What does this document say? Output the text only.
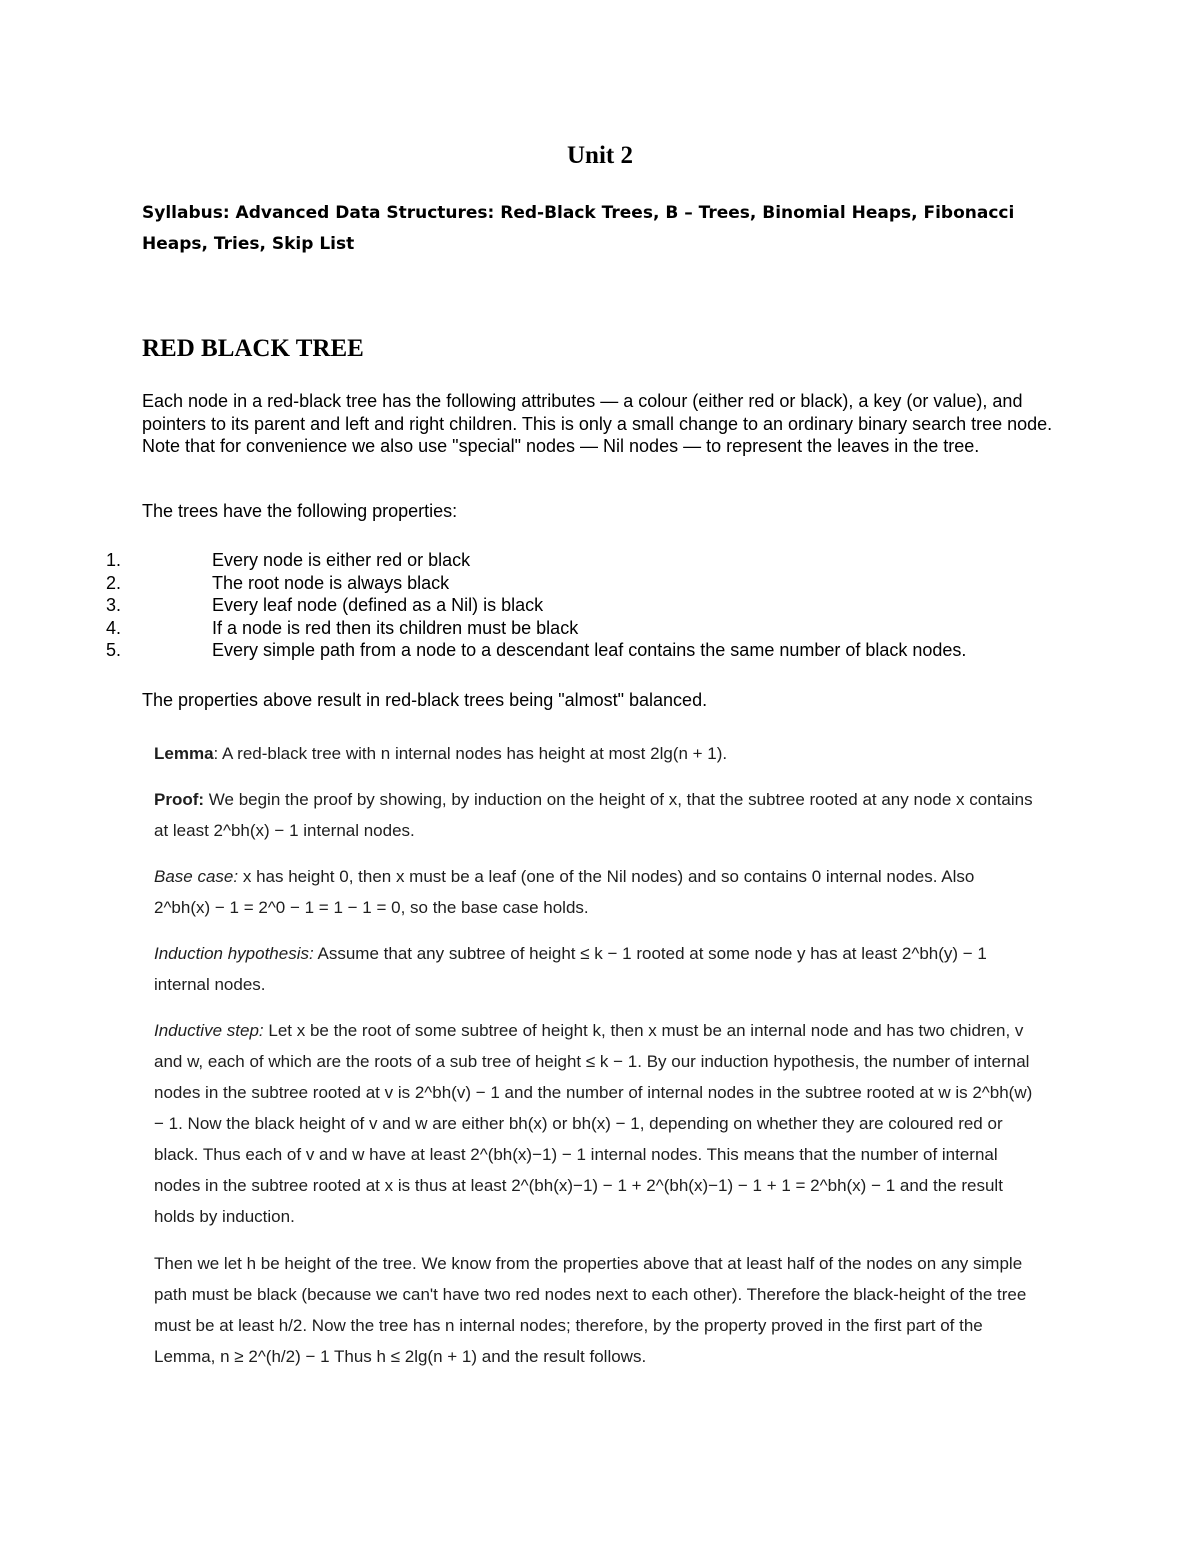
Unit 2
Syllabus: Advanced Data Structures: Red-Black Trees, B – Trees, Binomial Heaps, Fibonacci Heaps, Tries, Skip List
RED BLACK TREE
Each node in a red-black tree has the following attributes — a colour (either red or black), a key (or value), and pointers to its parent and left and right children. This is only a small change to an ordinary binary search tree node. Note that for convenience we also use "special" nodes — Nil nodes — to represent the leaves in the tree.
The trees have the following properties:
1.	Every node is either red or black
2.	The root node is always black
3.	Every leaf node (defined as a Nil) is black
4.	If a node is red then its children must be black
5.	Every simple path from a node to a descendant leaf contains the same number of black nodes.
The properties above result in red-black trees being "almost" balanced.

Lemma: A red-black tree with n internal nodes has height at most 2lg(n + 1).

Proof: We begin the proof by showing, by induction on the height of x, that the subtree rooted at any node x contains at least 2^bh(x) − 1 internal nodes.

Base case: x has height 0, then x must be a leaf (one of the Nil nodes) and so contains 0 internal nodes. Also 2^bh(x) − 1 = 2^0 − 1 = 1 − 1 = 0, so the base case holds.

Induction hypothesis: Assume that any subtree of height ≤ k − 1 rooted at some node y has at least 2^bh(y) − 1 internal nodes.

Inductive step: Let x be the root of some subtree of height k, then x must be an internal node and has two chidren, v and w, each of which are the roots of a sub tree of height ≤ k − 1. By our induction hypothesis, the number of internal nodes in the subtree rooted at v is 2^bh(v) − 1 and the number of internal nodes in the subtree rooted at w is 2^bh(w) − 1. Now the black height of v and w are either bh(x) or bh(x) − 1, depending on whether they are coloured red or black. Thus each of v and w have at least 2^(bh(x)−1) − 1 internal nodes. This means that the number of internal nodes in the subtree rooted at x is thus at least 2^(bh(x)−1) − 1 + 2^(bh(x)−1) − 1 + 1 = 2^bh(x) − 1 and the result holds by induction.

Then we let h be height of the tree. We know from the properties above that at least half of the nodes on any simple path must be black (because we can't have two red nodes next to each other). Therefore the black-height of the tree must be at least h/2. Now the tree has n internal nodes; therefore, by the property proved in the first part of the Lemma, n ≥ 2^(h/2) − 1 Thus h ≤ 2lg(n + 1) and the result follows.
